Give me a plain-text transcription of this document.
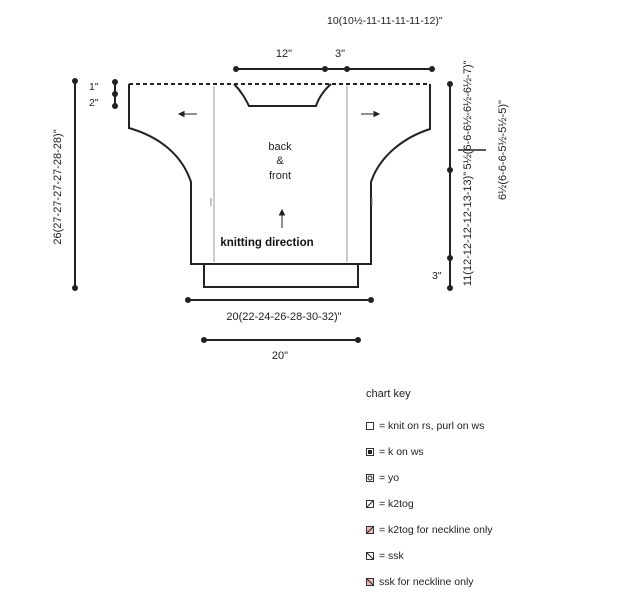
10(10½-11-11-11-11-12)"
12"	3"
back
&
front
knitting direction
1"
2"
26(27-27-27-27-28-28)"
5½(6-6-6½-6½-6½-7)" 6½(6-6-6-5½-5½-5)"
11(12-12-12-12-13-13)"
3"
20(22-24-26-28-30-32)"
20"
chart key
= knit on rs, purl on ws
= k on ws
= yo
= k2tog
= k2tog for neckline only
= ssk
ssk for neckline only
